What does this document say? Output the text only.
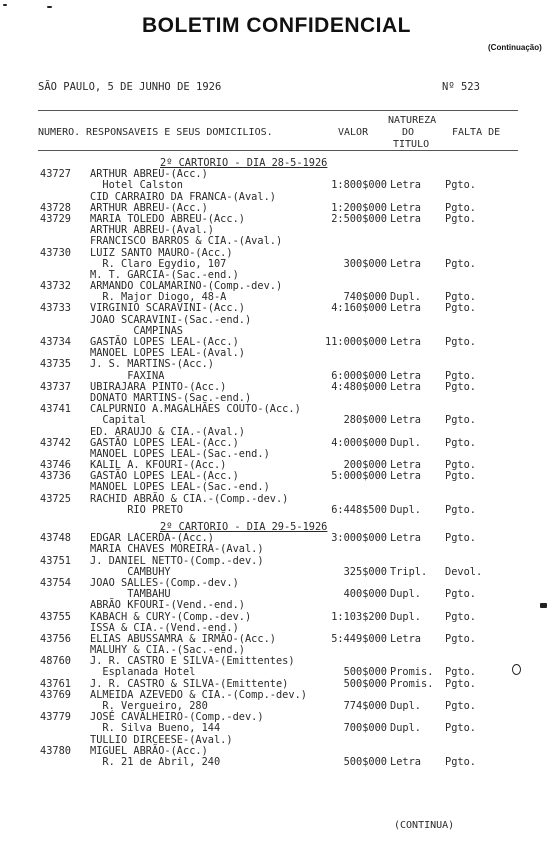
BOLETIM CONFIDENCIAL
(Continuação)
SÃO PAULO, 5 DE JUNHO DE 1926	Nº 523
NUMERO. RESPONSAVEIS E SEUS DOMICILIOS.	VALOR
NATUREZA
DO
TITULO
FALTA DE
2º CARTORIO - DIA 28-5-1926
43727 ARTHUR ABREU-(Acc.)
Hotel Calston	1:800$000 Letra Pgto.
CID CARRAIRO DA FRANCA-(Aval.)
43728 ARTHUR ABREU-(Acc.)	1:200$000 Letra Pgto.
43729 MARIA TOLEDO ABREU-(Acc.)	2:500$000 Letra Pgto.
ARTHUR ABREU-(Aval.)
FRANCISCO BARROS & CIA.-(Aval.)
43730 LUIZ SANTO MAURO-(Acc.)
R. Claro Egydio, 107	300$000 Letra Pgto.
M. T. GARCIA-(Sac.-end.)
43732 ARMANDO COLAMARINO-(Comp.-dev.)
R. Major Diogo, 48-A	740$000 Dupl. Pgto.
43733 VIRGINIO SCARAVINI-(Acc.)	4:160$000 Letra Pgto.
JOAO SCARAVINI-(Sac.-end.)
CAMPINAS
43734 GASTÃO LOPES LEAL-(Acc.)	11:000$000 Letra Pgto.
MANOEL LOPES LEAL-(Aval.)
43735 J. S. MARTINS-(Acc.)
FAXINA	6:000$000 Letra Pgto.
43737 UBIRAJARA PINTO-(Acc.)	4:480$000 Letra Pgto.
DONATO MARTINS-(Sac.-end.)
43741 CALPURNIO A.MAGALHÃES COUTO-(Acc.)
Capital	280$000 Letra Pgto.
ED. ARAUJO & CIA.-(Aval.)
43742 GASTÃO LOPES LEAL-(Acc.)	4:000$000 Dupl. Pgto.
MANOEL LOPES LEAL-(Sac.-end.)
43746 KALIL A. KFOURI-(Acc.)	200$000 Letra Pgto.
43736 GASTÃO LOPES LEAL-(Acc.)	5:000$000 Letra Pgto.
MANOEL LOPES LEAL-(Sac.-end.)
43725 RACHID ABRÃO & CIA.-(Comp.-dev.)
RIO PRETO	6:448$500 Dupl. Pgto.
2º CARTORIO - DIA 29-5-1926
43748 EDGAR LACERDA-(Acc.)	3:000$000 Letra Pgto.
MARIA CHAVES MOREIRA-(Aval.)
43751 J. DANIEL NETTO-(Comp.-dev.)
CAMBUHY	325$000 Tripl. Devol.
43754 JOAO SALLES-(Comp.-dev.)
TAMBAHU	400$000 Dupl. Pgto.
ABRÃO KFOURI-(Vend.-end.)
43755 KABACH & CURY-(Comp.-dev.)	1:103$200 Dupl. Pgto.
ISSA & CIA.-(Vend.-end.)
43756 ELIAS ABUSSAMRA & IRMÃO-(Acc.)	5:449$000 Letra Pgto.
MALUHY & CIA.-(Sac.-end.)
48760 J. R. CASTRO E SILVA-(Emittentes)
Esplanada Hotel	500$000 Promis. Pgto.
43761 J. R. CASTRO & SILVA-(Emittente)	500$000 Promis. Pgto.
43769 ALMEIDA AZEVEDO & CIA.-(Comp.-dev.)
R. Vergueiro, 280	774$000 Dupl. Pgto.
43779 JOSÉ CAVALHEIRO-(Comp.-dev.)
R. Silva Bueno, 144	700$000 Dupl. Pgto.
TULLIO DIRCEESE-(Aval.)
43780 MIGUEL ABRÃO-(Acc.)
R. 21 de Abril, 240	500$000 Letra Pgto.
(CONTINUA)
